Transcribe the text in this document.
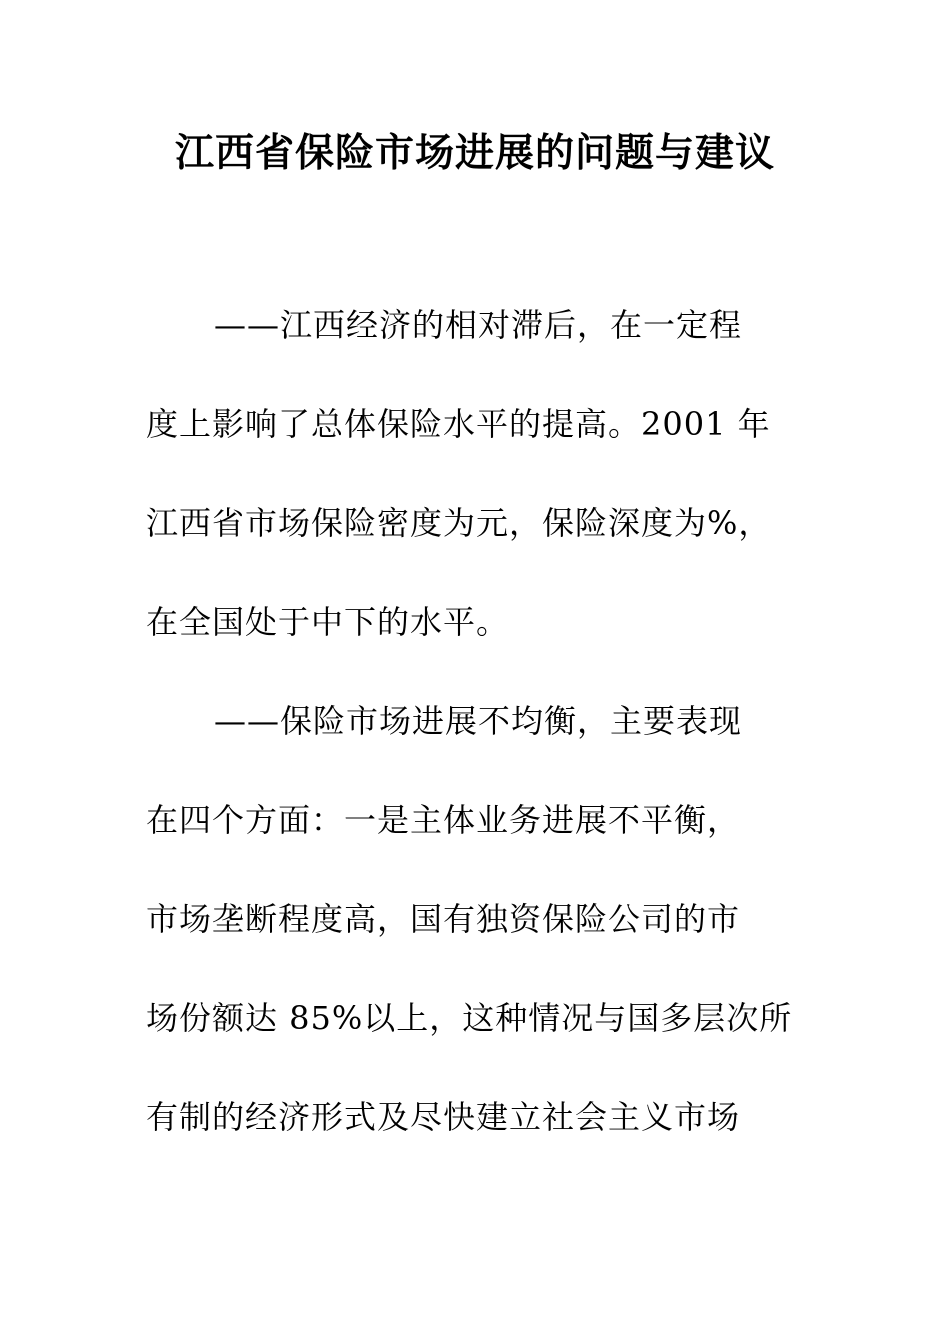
江西省保险市场进展的问题与建议
——江西经济的相对滞后，在一定程
度上影响了总体保险水平的提高。2001 年
江西省市场保险密度为元，保险深度为%，
在全国处于中下的水平。
——保险市场进展不均衡，主要表现
在四个方面：一是主体业务进展不平衡，
市场垄断程度高，国有独资保险公司的市
场份额达 85%以上，这种情况与国多层次所
有制的经济形式及尽快建立社会主义市场
